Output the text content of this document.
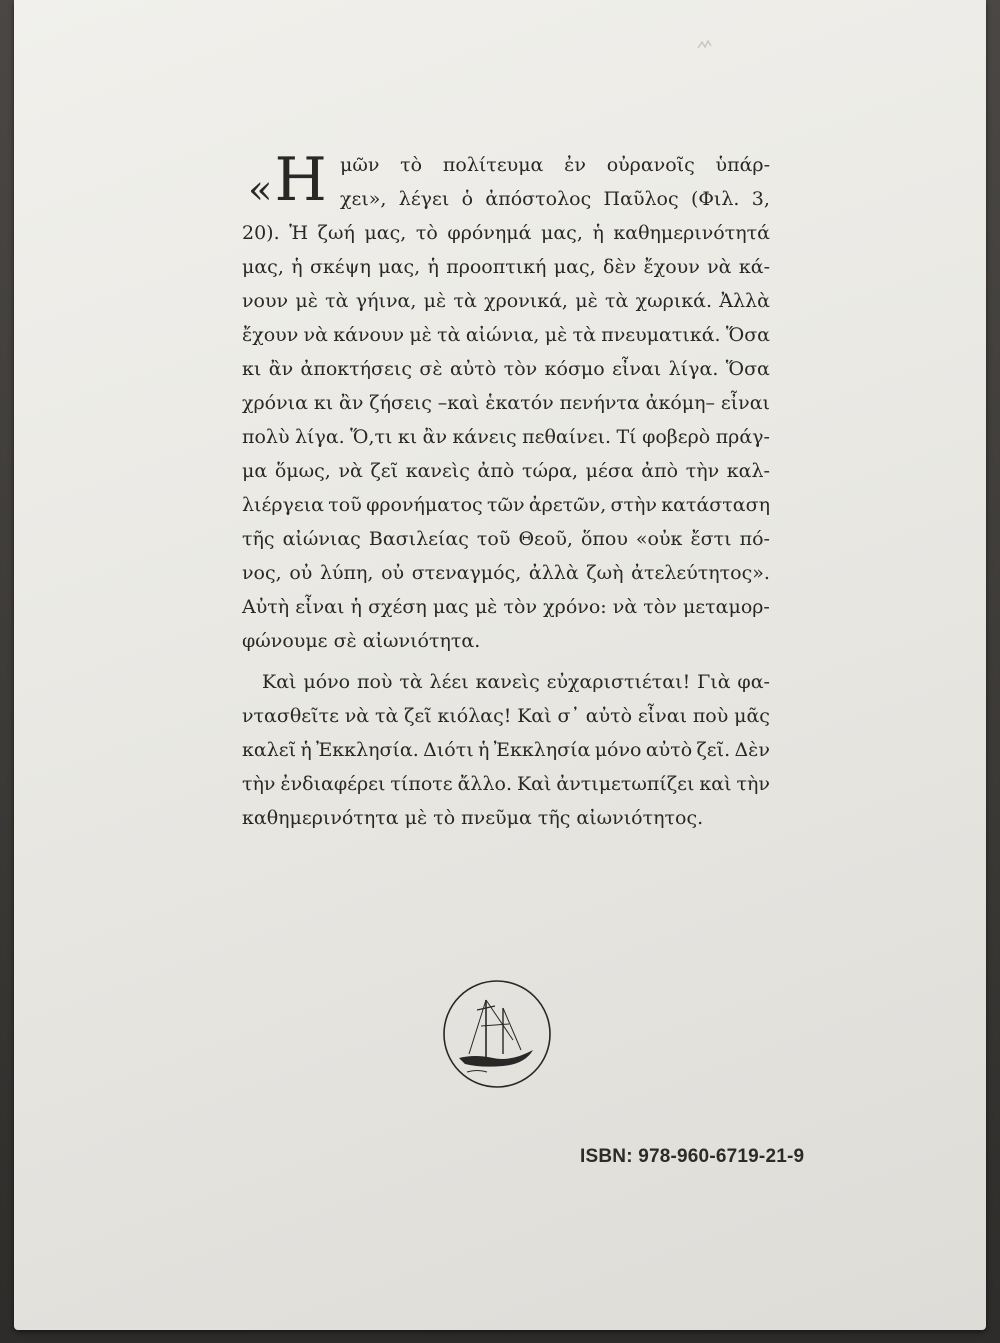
« Η μῶν τὸ πολίτευμα ἐν οὐρανοῖς ὑπάρ-
χει», λέγει ὁ ἀπόστολος Παῦλος (Φιλ. 3,
20). Ἡ ζωή μας, τὸ φρόνημά μας, ἡ καθημερινότητά
μας, ἡ σκέψη μας, ἡ προοπτική μας, δὲν ἔχουν νὰ κά-
νουν μὲ τὰ γήινα, μὲ τὰ χρονικά, μὲ τὰ χωρικά. Ἀλλὰ
ἔχουν νὰ κάνουν μὲ τὰ αἰώνια, μὲ τὰ πνευματικά. Ὅσα
κι ἂν ἀποκτήσεις σὲ αὐτὸ τὸν κόσμο εἶναι λίγα. Ὅσα
χρόνια κι ἂν ζήσεις –καὶ ἑκατόν πενήντα ἀκόμη– εἶναι
πολὺ λίγα. Ὅ,τι κι ἂν κάνεις πεθαίνει. Τί φοβερὸ πράγ-
μα ὅμως, νὰ ζεῖ κανεὶς ἀπὸ τώρα, μέσα ἀπὸ τὴν καλ-
λιέργεια τοῦ φρονήματος τῶν ἀρετῶν, στὴν κατάσταση
τῆς αἰώνιας Βασιλείας τοῦ Θεοῦ, ὅπου «οὐκ ἔστι πό-
νος, οὐ λύπη, οὐ στεναγμός, ἀλλὰ ζωὴ ἀτελεύτητος».
Αὐτὴ εἶναι ἡ σχέση μας μὲ τὸν χρόνο: νὰ τὸν μεταμορ-
φώνουμε σὲ αἰωνιότητα.
Καὶ μόνο ποὺ τὰ λέει κανεὶς εὐχαριστιέται! Γιὰ φα-
ντασθεῖτε νὰ τὰ ζεῖ κιόλας! Καὶ σ᾽ αὐτὸ εἶναι ποὺ μᾶς
καλεῖ ἡ Ἐκκλησία. Διότι ἡ Ἐκκλησία μόνο αὐτὸ ζεῖ. Δὲν
τὴν ἐνδιαφέρει τίποτε ἄλλο. Καὶ ἀντιμετωπίζει καὶ τὴν
καθημερινότητα μὲ τὸ πνεῦμα τῆς αἰωνιότητος.
ISBN: 978-960-6719-21-9
